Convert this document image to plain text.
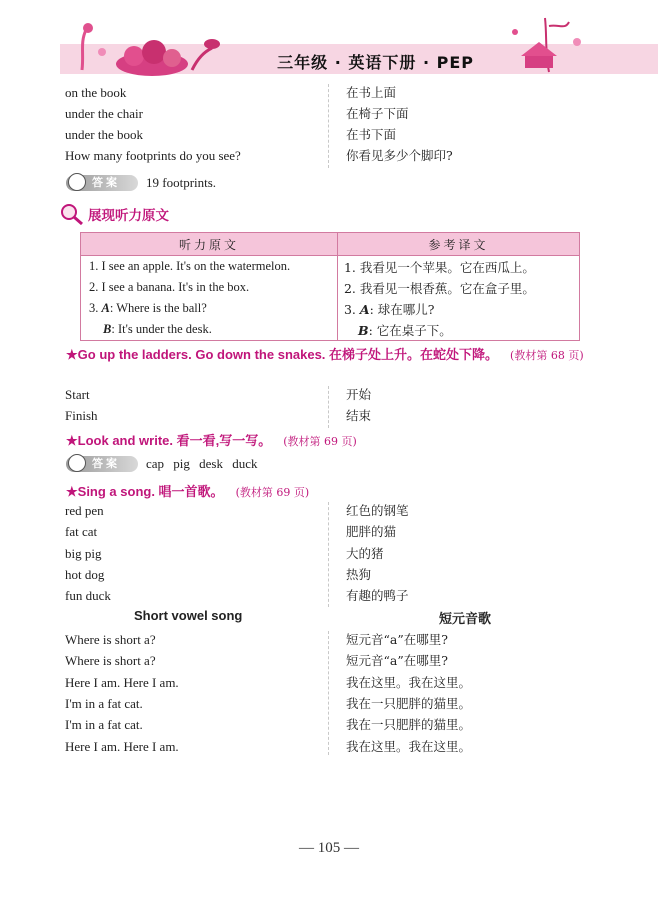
三年级 · 英语下册 · PEP
on the book	在书上面
under the chair	在椅子下面
under the book	在书下面
How many footprints do you see?	你看见多少个脚印?
答案 19 footprints.
展现听力原文
听力原文	参考译文
1. I see an apple. It's on the watermelon.	1. 我看见一个苹果。它在西瓜上。
2. I see a banana. It's in the box.	2. 我看见一根香蕉。它在盒子里。
3. A: Where is the ball?	3. A: 球在哪儿?
B: It's under the desk.	B: 它在桌子下。
★Go up the ladders. Go down the snakes. 在梯子处上升。在蛇处下降。 (教材第 68 页)
Start	开始
Finish	结束
★Look and write. 看一看,写一写。 (教材第 69 页)
答案 cap pig desk duck
★Sing a song. 唱一首歌。 (教材第 69 页)
red pen	红色的钢笔
fat cat	肥胖的猫
big pig	大的猪
hot dog	热狗
fun duck	有趣的鸭子
Short vowel song	短元音歌
Where is short a?	短元音“a”在哪里?
Where is short a?	短元音“a”在哪里?
Here I am. Here I am.	我在这里。我在这里。
I'm in a fat cat.	我在一只肥胖的猫里。
I'm in a fat cat.	我在一只肥胖的猫里。
Here I am. Here I am.	我在这里。我在这里。
— 105 —
